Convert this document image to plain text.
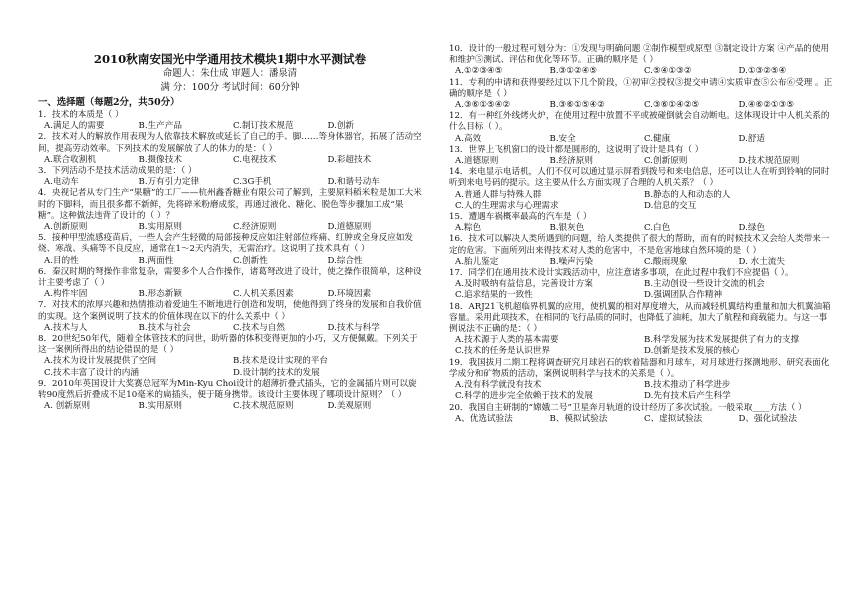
2010秋南安国光中学通用技术模块1期中水平测试卷
命题人：朱仕成 审题人：潘泉清
满 分：100分 考试时间：60分钟
一、选择题（每题2分，共50分）
1．技术的本质是（ ）
A.满足人的需要	B.生产产品	C.制订技术规范	D.创新
2．技术对人的解放作用表现为人依靠技术解放或延长了自己的手、脚……等身体器官，拓展了活动空间，提高劳动效率。下列技术的发展解放了人的体力的是：（ ）
A.联合收割机	B.摄像技术	C.电视技术	D.彩超技术
3．下列活动不是技术活动成果的是：（ ）
A.电动车	B.万有引力定律	C.3G手机	D.和谐号动车
4．央视记者从专门生产“果糖”的工厂——杭州鑫香糖业有限公司了解到，主要原料稻米粒是加工大米时的下脚料，而且很多都不新鲜，先将碎米粉磨成浆，再通过液化、糖化、脱色等步骤加工成“果糖”。这种做法违背了设计的（ ）？
A.创新原则	B.实用原则	C.经济原则	D.道德原则
5．接种甲型流感疫苗后，一些人会产生轻微的局部接种反应如注射部位疼痛、红肿或全身反应如发烧、寒战、头痛等不良反应，通常在1～2天内消失，无需治疗。这说明了技术具有（ ）
A.目的性	B.两面性	C.创新性	D.综合性
6．秦汉时期的弩操作非常复杂，需要多个人合作操作，诸葛弩改进了设计，使之操作很简单，这种设计主要考虑了（ ）
A.构件牢固	B.形态新颖	C.人机关系因素	D.环境因素
7．对技术的浓厚兴趣和热情推动着爱迪生不断地进行创造和发明，使他得到了终身的发展和自我价值的实现。这个案例说明了技术的价值体现在以下的什么关系中（ ）
A.技术与人	B.技术与社会	C.技术与自然	D.技术与科学
8．20世纪50年代，随着全体管技术的问世，助听器的体积变得更加的小巧，又方便佩戴。下列关于这一案例所得出的结论错误的是（ ）
A.技术为设计发展提供了空间	B.技术是设计实现的平台
C.技术丰富了设计的内涵	D.设计制约技术的发展
9．2010年英国设计大奖赛总冠军为Min-Kyu Choi设计的超薄折叠式插头，它的金属插片则可以旋转90度然后折叠成不足10毫米的扁插头，便于随身携带。该设计主要体现了哪项设计原则？（ ）
A. 创新原则	B.实用原则	C.技术规范原则	D.美观原则
10．设计的一般过程可划分为：①发现与明确问题 ②制作模型或原型 ③制定设计方案 ④产品的使用和维护⑤测试、评估和优化等环节。正确的顺序是（ ）
A.①②③④⑤	B.③①②④⑤	C.⑤④①③②	D.①③②⑤④
11．专利的申请和获得要经过以下几个阶段，①初审②授权③提交申请④实质审查⑤公布⑥受理 。正确的顺序是（ ）
A.③⑥①⑤④②	B.③⑥①⑤④②	C.③⑥①④②⑤	D.④⑥②①③⑤
12．有一种红外线烤火炉，在使用过程中放置不平或被碰倒就会自动断电。这体现设计中人机关系的什么目标（ ）。
A.高效	B.安全	C.健康	D.舒适
13．世界上飞机窗口的设计都是圆形的，这说明了设计是具有（ ）
A.道德原则	B.经济原则	C.创新原则	D.技术规范原则
14．来电显示电话机，人们不仅可以通过显示屏看到拨号和来电信息，还可以让人在听到铃响的同时听到来电号码的提示。这主要从什么方面实现了合理的人机关系？（ ）
A.普通人群与特殊人群	B.静态的人和动态的人
C.人的生理需求与心理需求	D.信息的交互
15．遭遇车祸概率最高的汽车是（ ）
A.粽色	B.银灰色	C.白色	D.绿色
16．技术可以解决人类所遇到的问题，给人类提供了很大的帮助，而有的时候技术又会给人类带来一定的危害。下面所列出来得技术对人类的危害中，不是危害地球自然环境的是（ ）
A.胎儿鉴定	B.噪声污染	C.酸雨现象	D. 水土流失
17．同学们在通用技术设计实践活动中，应注意诸多事项，在此过程中我们不应提倡（ ）。
A.及时吸纳有益信息，完善设计方案	B.主动创设一些设计交流的机会
C.追求结果的一致性	D.强调团队合作精神
18．ARJ21飞机超临界机翼的应用，使机翼的相对厚度增大，从而减轻机翼结构重量和加大机翼油箱容量。采用此项技术，在相同的飞行品质的同时，也降低了油耗，加大了航程和商载能力。与这一事例说法不正确的是：（ ）
A.技术源于人类的基本需要	B.科学发展为技术发展提供了有力的支撑
C.技术的任务是认识世界	D.创新是技术发展的核心
19．我国拔月二期工程将调查研究月球岩石的软着陆器和月球车，对月球进行探测地形、研究表面化学成分和矿物质的活动，案例说明科学与技术的关系是（ ）。
A.没有科学就没有技术	B.技术推动了科学进步
C.科学的进步完全依赖于技术的发展	D.先有技术后产生科学
20．我国自主研制的“嫦娥二号”卫星奔月轨道的设计经历了多次试验。一般采取____方法（ ）
A、优选试验法	B、模拟试验法	C、虚拟试验法	D、强化试验法
